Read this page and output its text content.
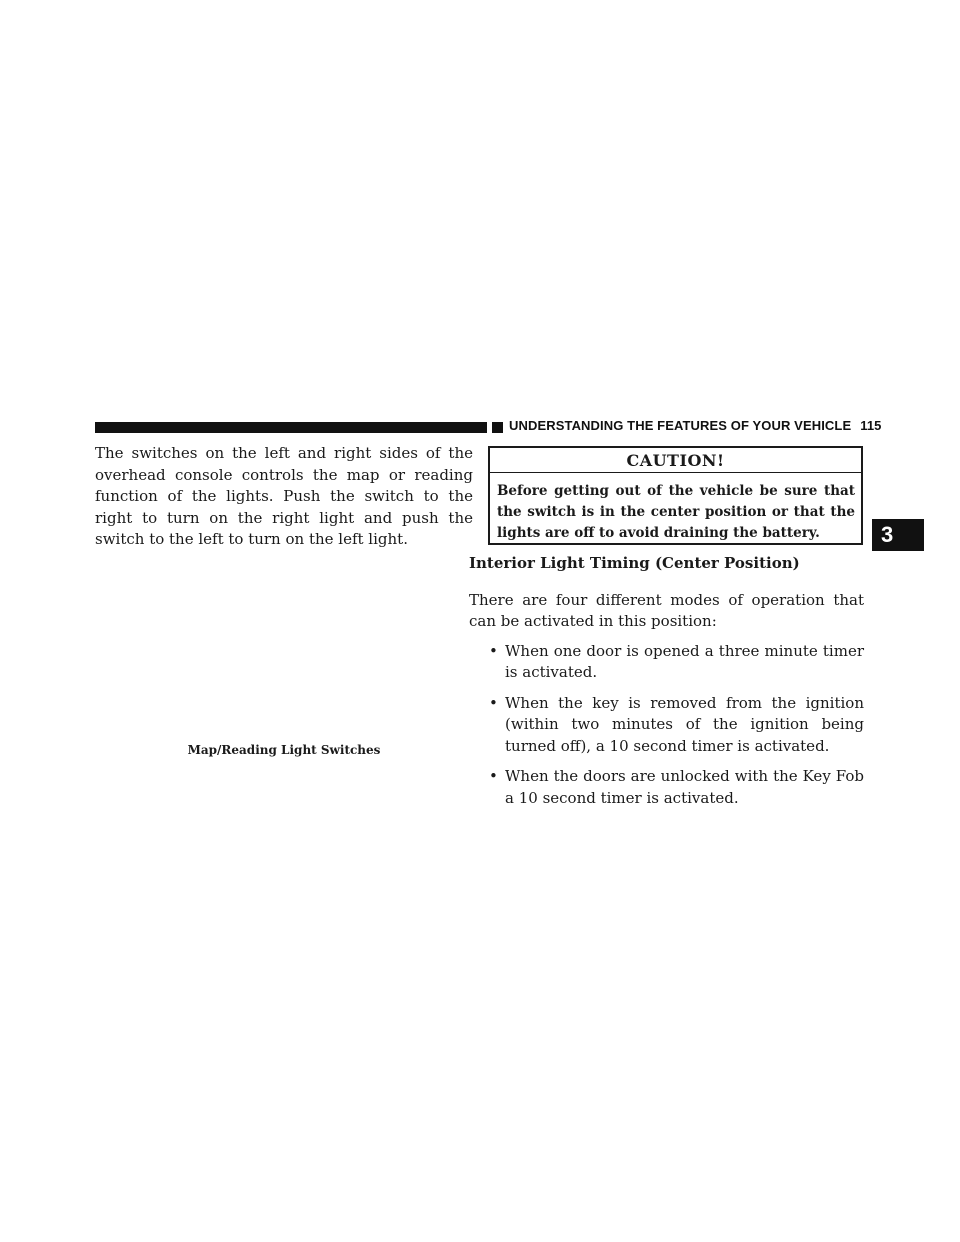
UNDERSTANDING THE FEATURES OF YOUR VEHICLE 115
3

The switches on the left and right sides of the overhead console controls the map or reading function of the lights. Push the switch to the right to turn on the right light and push the switch to the left to turn on the left light.

Map/Reading Light Switches
CAUTION!
Before getting out of the vehicle be sure that the switch is in the center position or that the lights are off to avoid draining the battery.
Interior Light Timing (Center Position)

There are four different modes of operation that can be activated in this position:

• When one door is opened a three minute timer is activated.
• When the key is removed from the ignition (within two minutes of the ignition being turned off), a 10 second timer is activated.
• When the doors are unlocked with the Key Fob a 10 second timer is activated.
